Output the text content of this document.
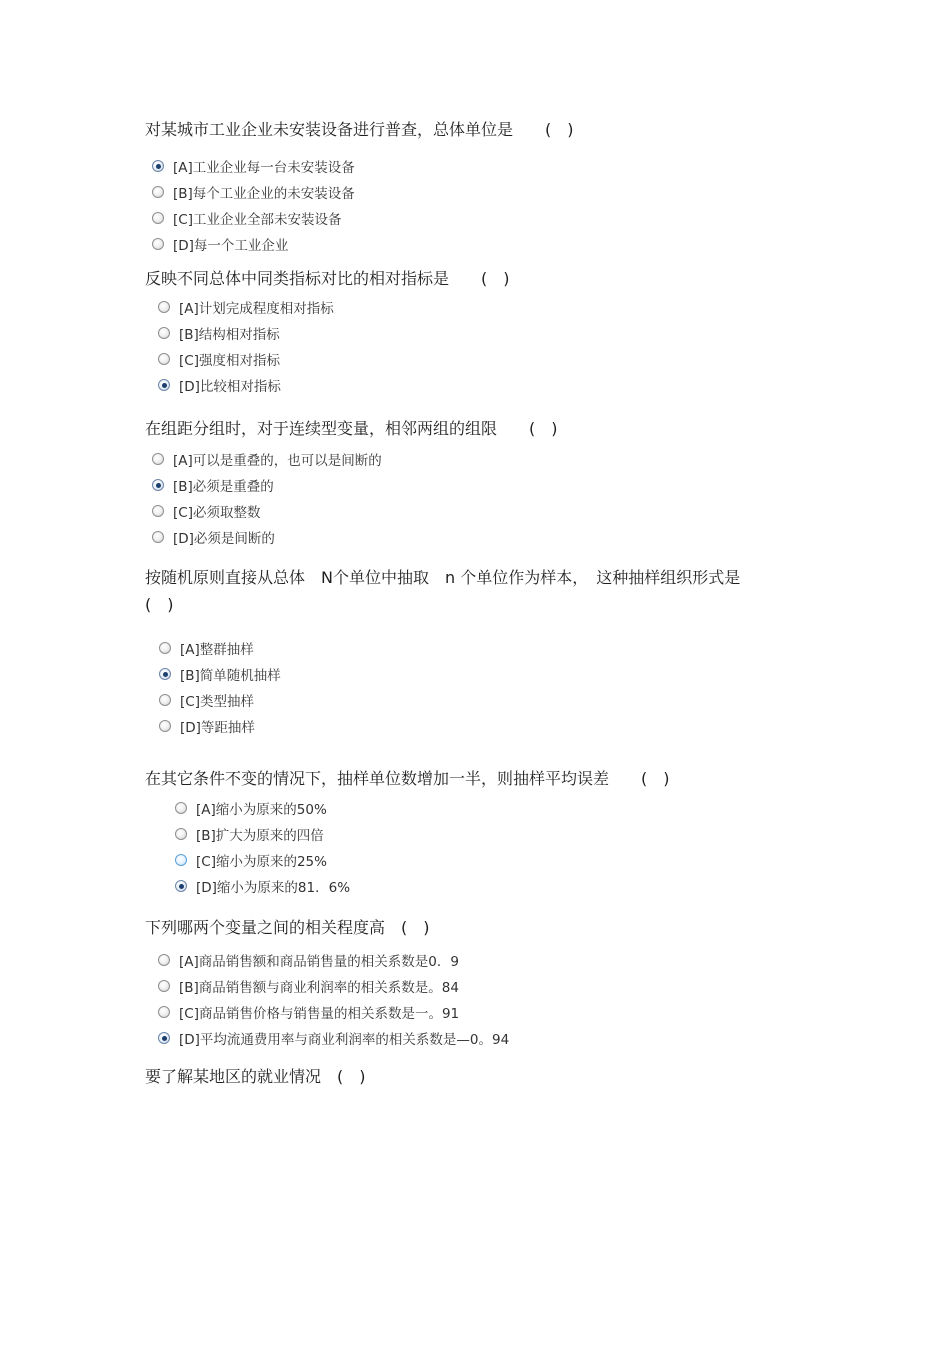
对某城市工业企业未安装设备进行普查，总体单位是　　(　)
[A]工业企业每一台未安装设备
[B]每个工业企业的未安装设备
[C]工业企业全部未安装设备
[D]每一个工业企业
反映不同总体中同类指标对比的相对指标是　　(　)
[A]计划完成程度相对指标
[B]结构相对指标
[C]强度相对指标
[D]比较相对指标
在组距分组时，对于连续型变量，相邻两组的组限　　(　)
[A]可以是重叠的，也可以是间断的
[B]必须是重叠的
[C]必须取整数
[D]必须是间断的
按随机原则直接从总体　N个单位中抽取　n 个单位作为样本，　这种抽样组织形式是
(　)
[A]整群抽样
[B]简单随机抽样
[C]类型抽样
[D]等距抽样
在其它条件不变的情况下，抽样单位数增加一半，则抽样平均误差　　(　)
[A]缩小为原来的50%
[B]扩大为原来的四倍
[C]缩小为原来的25%
[D]缩小为原来的81．6%
下列哪两个变量之间的相关程度高　(　)
[A]商品销售额和商品销售量的相关系数是0．9
[B]商品销售额与商业利润率的相关系数是。84
[C]商品销售价格与销售量的相关系数是一。91
[D]平均流通费用率与商业利润率的相关系数是—0。94
要了解某地区的就业情况　(　)
